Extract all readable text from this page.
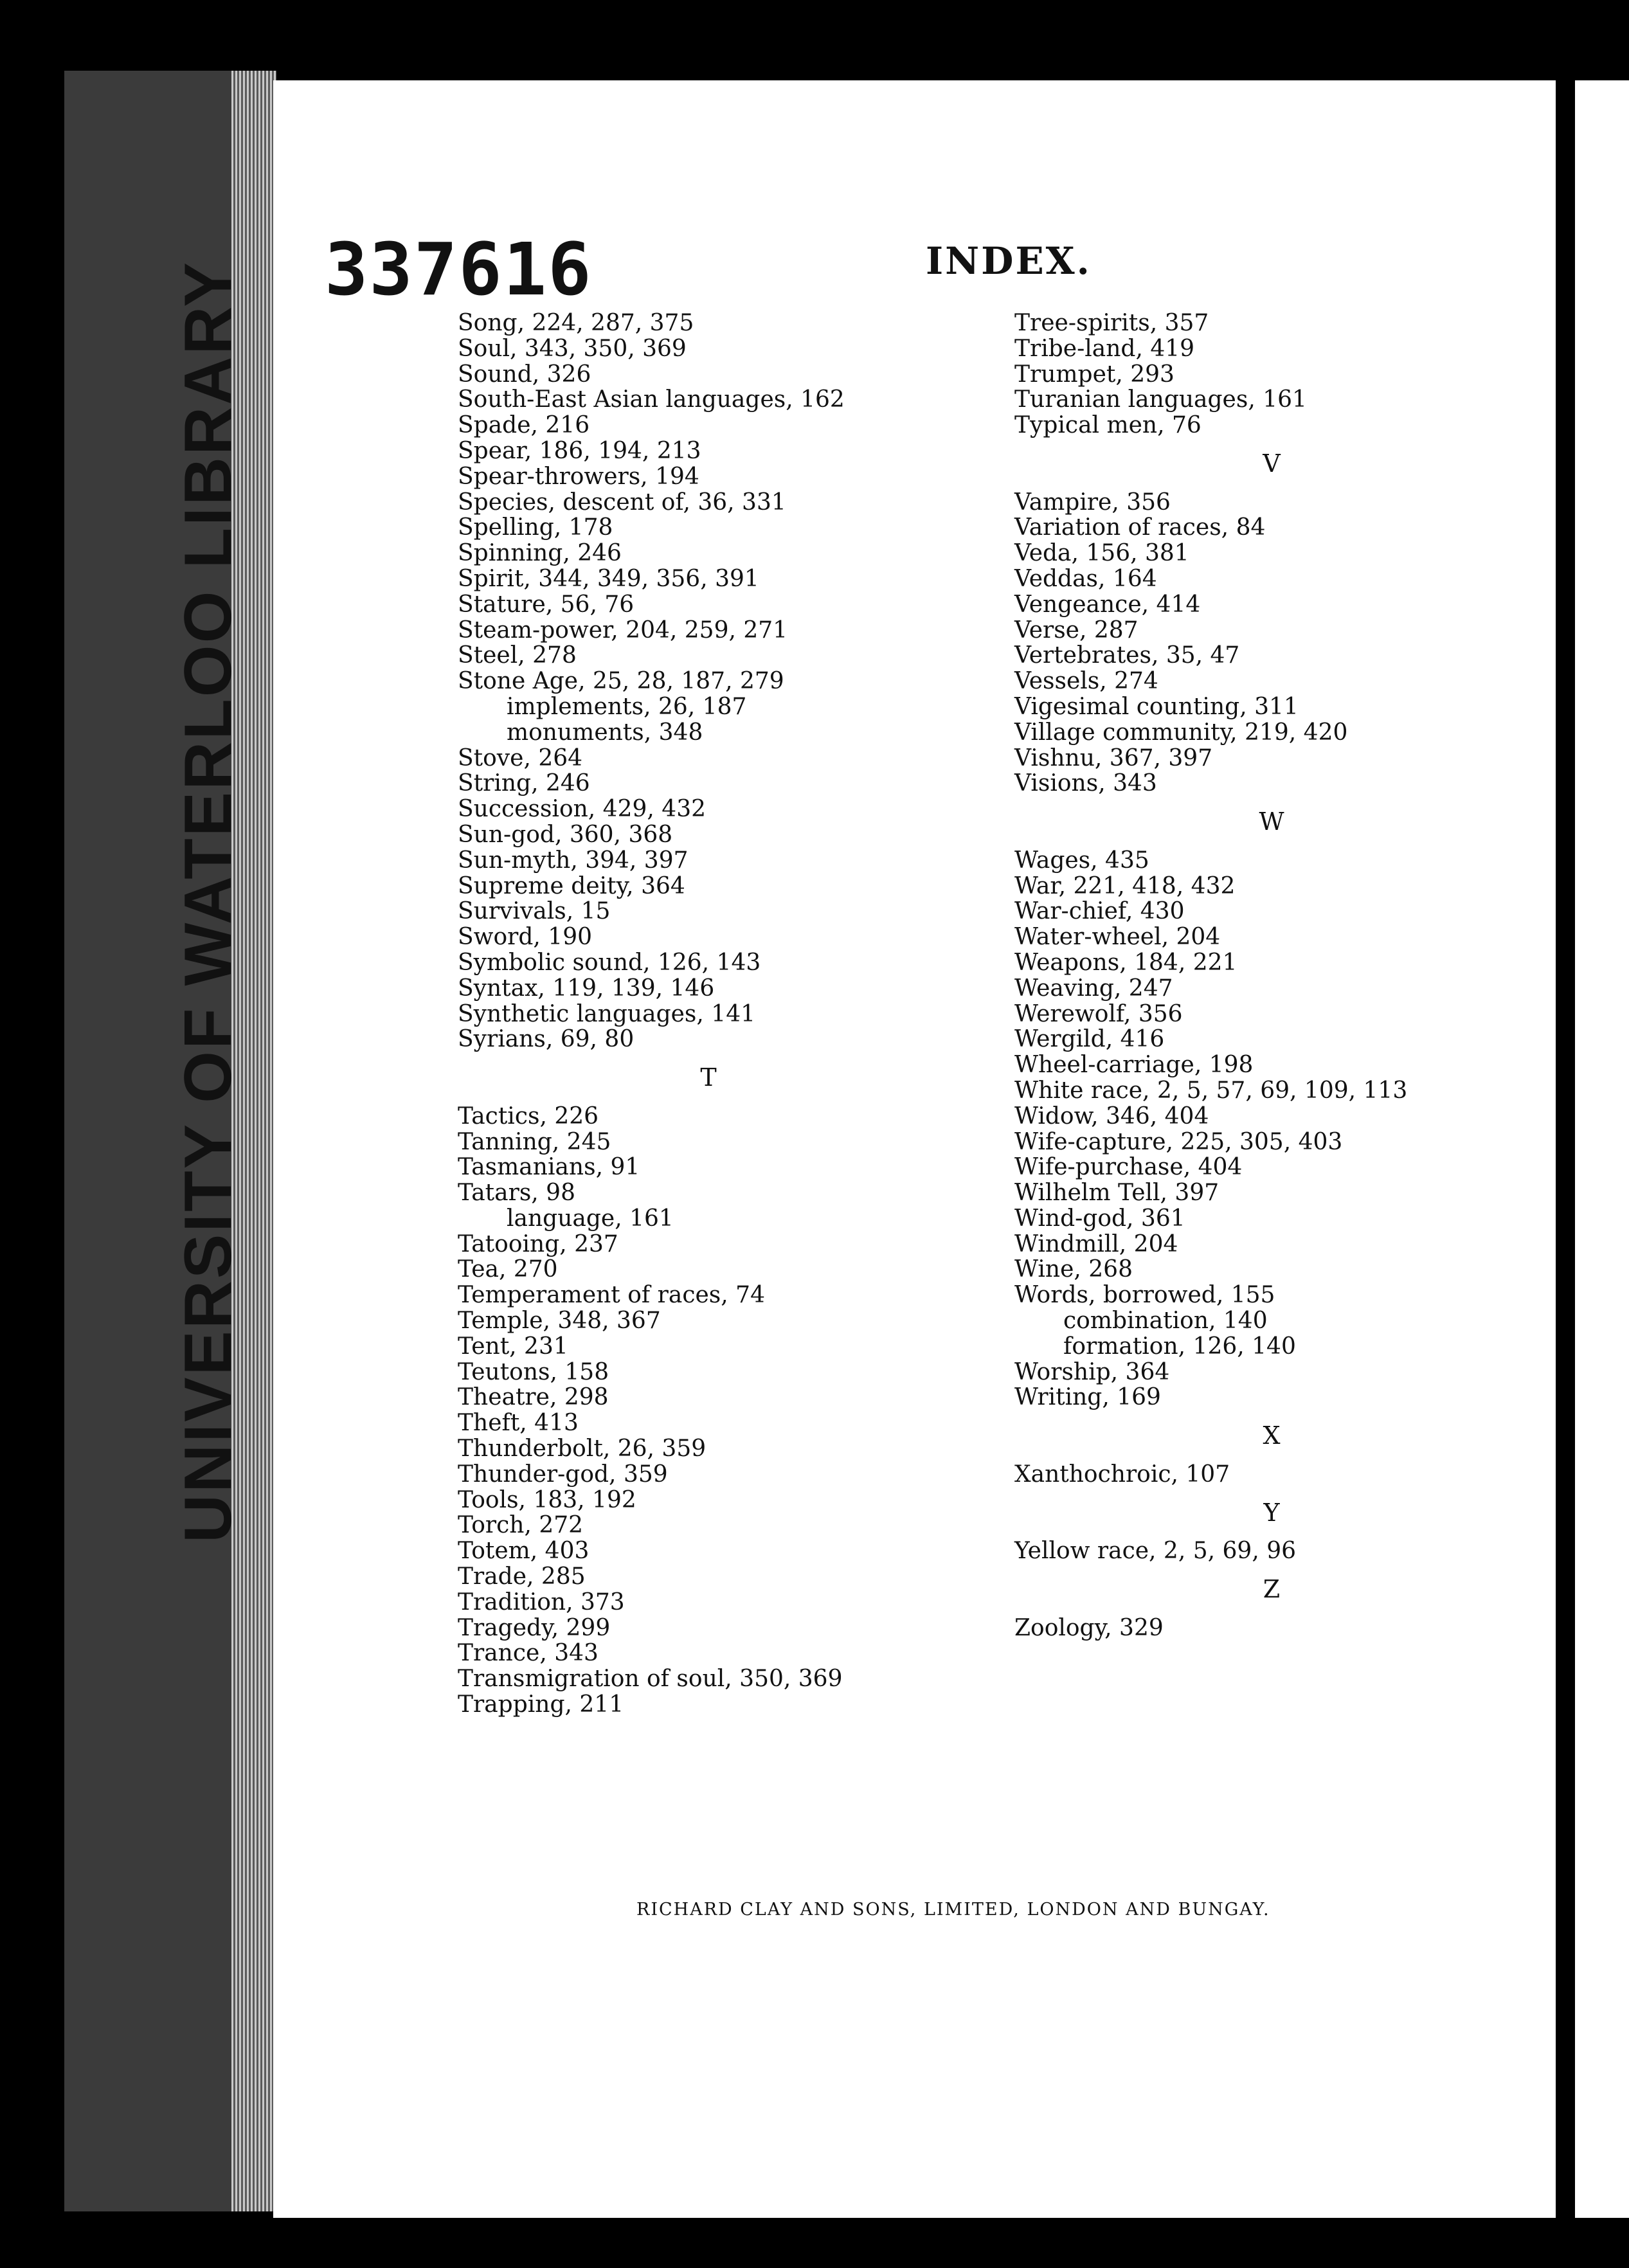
UNIVERSITY OF WATERLOO LIBRARY 337616	INDEX.
Song, 224, 287, 375
Soul, 343, 350, 369
Sound, 326
South-East Asian languages, 162
Spade, 216
Spear, 186, 194, 213
Spear-throwers, 194
Species, descent of, 36, 331
Spelling, 178
Spinning, 246
Spirit, 344, 349, 356, 391
Stature, 56, 76
Steam-power, 204, 259, 271
Steel, 278
Stone Age, 25, 28, 187, 279
implements, 26, 187
monuments, 348
Stove, 264
String, 246
Succession, 429, 432
Sun-god, 360, 368
Sun-myth, 394, 397
Supreme deity, 364
Survivals, 15
Sword, 190
Symbolic sound, 126, 143
Syntax, 119, 139, 146
Synthetic languages, 141
Syrians, 69, 80
T
Tactics, 226
Tanning, 245
Tasmanians, 91
Tatars, 98
language, 161
Tatooing, 237
Tea, 270
Temperament of races, 74
Temple, 348, 367
Tent, 231
Teutons, 158
Theatre, 298
Theft, 413
Thunderbolt, 26, 359
Thunder-god, 359
Tools, 183, 192
Torch, 272
Totem, 403
Trade, 285
Tradition, 373
Tragedy, 299
Trance, 343
Transmigration of soul, 350, 369
Trapping, 211
Tree-spirits, 357
Tribe-land, 419
Trumpet, 293
Turanian languages, 161
Typical men, 76
V
Vampire, 356
Variation of races, 84
Veda, 156, 381
Veddas, 164
Vengeance, 414
Verse, 287
Vertebrates, 35, 47
Vessels, 274
Vigesimal counting, 311
Village community, 219, 420
Vishnu, 367, 397
Visions, 343
W
Wages, 435
War, 221, 418, 432
War-chief, 430
Water-wheel, 204
Weapons, 184, 221
Weaving, 247
Werewolf, 356
Wergild, 416
Wheel-carriage, 198
White race, 2, 5, 57, 69, 109, 113
Widow, 346, 404
Wife-capture, 225, 305, 403
Wife-purchase, 404
Wilhelm Tell, 397
Wind-god, 361
Windmill, 204
Wine, 268
Words, borrowed, 155
combination, 140
formation, 126, 140
Worship, 364
Writing, 169
X
Xanthochroic, 107
Y
Yellow race, 2, 5, 69, 96
Z
Zoology, 329
RICHARD CLAY AND SONS, LIMITED, LONDON AND BUNGAY.
